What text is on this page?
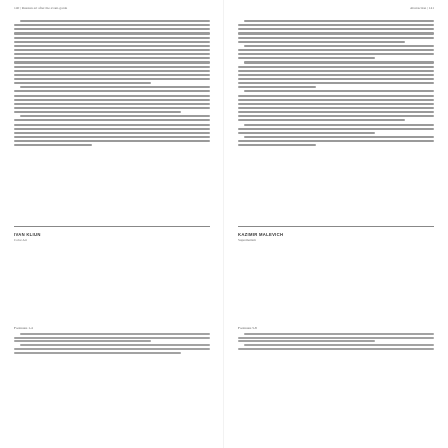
140 | Russian art after the avant-garde
IVAN KLIUN
Color Art
Footnotes 1-4
Abstraction | 141
KAZIMIR MALEVICH
Suprematism
Footnotes 5-8
